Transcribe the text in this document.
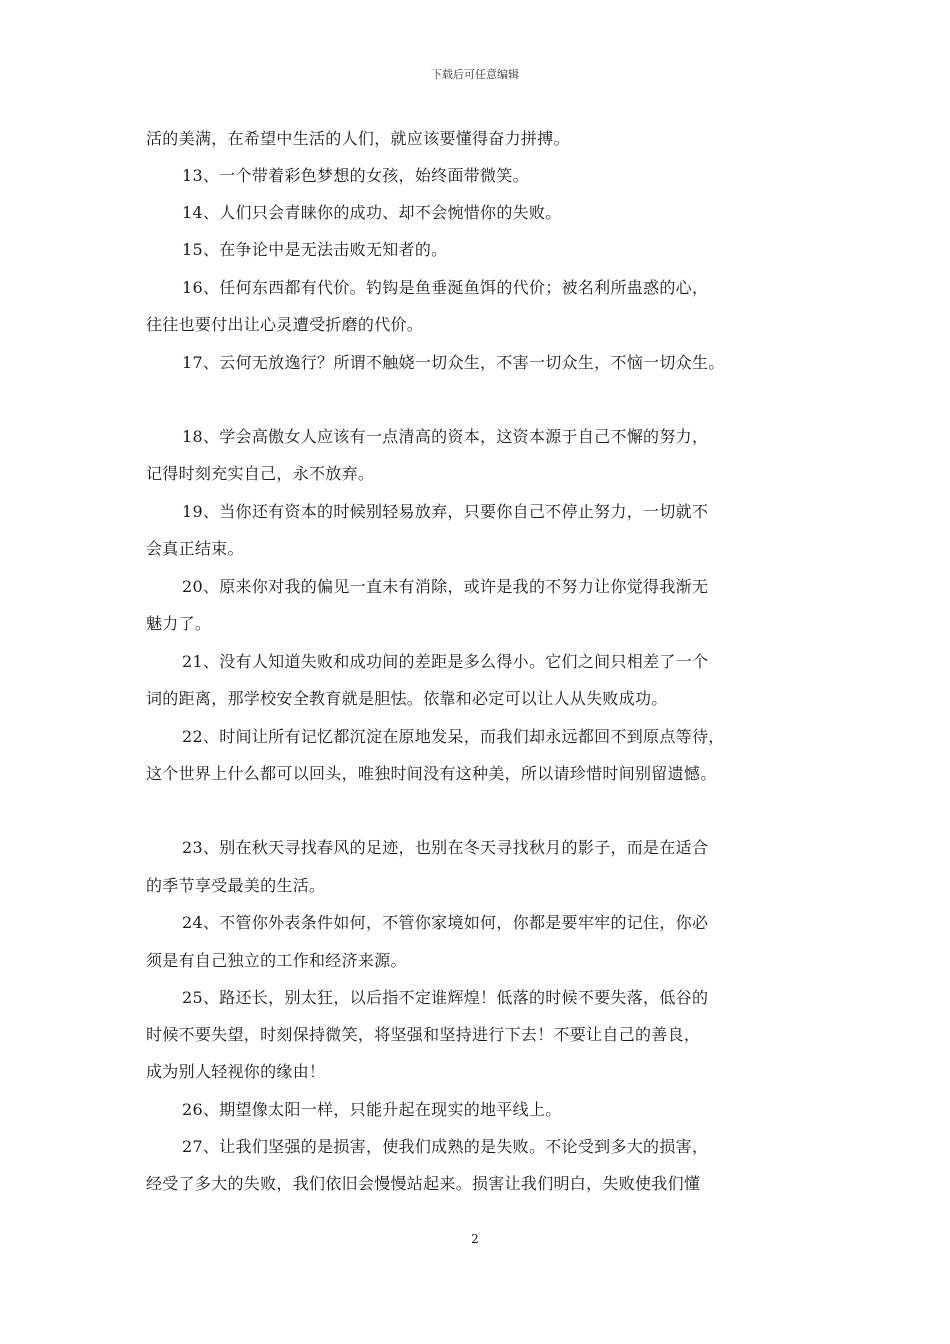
下载后可任意编辑
活的美满，在希望中生活的人们，就应该要懂得奋力拼搏。
13、一个带着彩色梦想的女孩，始终面带微笑。
14、人们只会青睐你的成功、却不会惋惜你的失败。
15、在争论中是无法击败无知者的。
16、任何东西都有代价。钓钩是鱼垂涎鱼饵的代价；被名利所蛊惑的心，
往往也要付出让心灵遭受折磨的代价。
17、云何无放逸行？所谓不触娆一切众生，不害一切众生，不恼一切众生。
18、学会高傲女人应该有一点清高的资本，这资本源于自己不懈的努力，
记得时刻充实自己，永不放弃。
19、当你还有资本的时候别轻易放弃，只要你自己不停止努力，一切就不
会真正结束。
20、原来你对我的偏见一直未有消除，或许是我的不努力让你觉得我渐无
魅力了。
21、没有人知道失败和成功间的差距是多么得小。它们之间只相差了一个
词的距离，那学校安全教育就是胆怯。依靠和必定可以让人从失败成功。
22、时间让所有记忆都沉淀在原地发呆，而我们却永远都回不到原点等待，
这个世界上什么都可以回头，唯独时间没有这种美，所以请珍惜时间别留遗憾。
23、别在秋天寻找春风的足迹，也别在冬天寻找秋月的影子，而是在适合
的季节享受最美的生活。
24、不管你外表条件如何，不管你家境如何，你都是要牢牢的记住，你必
须是有自己独立的工作和经济来源。
25、路还长，别太狂，以后指不定谁辉煌！低落的时候不要失落，低谷的
时候不要失望，时刻保持微笑，将坚强和坚持进行下去！不要让自己的善良，
成为别人轻视你的缘由！
26、期望像太阳一样，只能升起在现实的地平线上。
27、让我们坚强的是损害，使我们成熟的是失败。不论受到多大的损害，
经受了多大的失败，我们依旧会慢慢站起来。损害让我们明白，失败使我们懂
2
